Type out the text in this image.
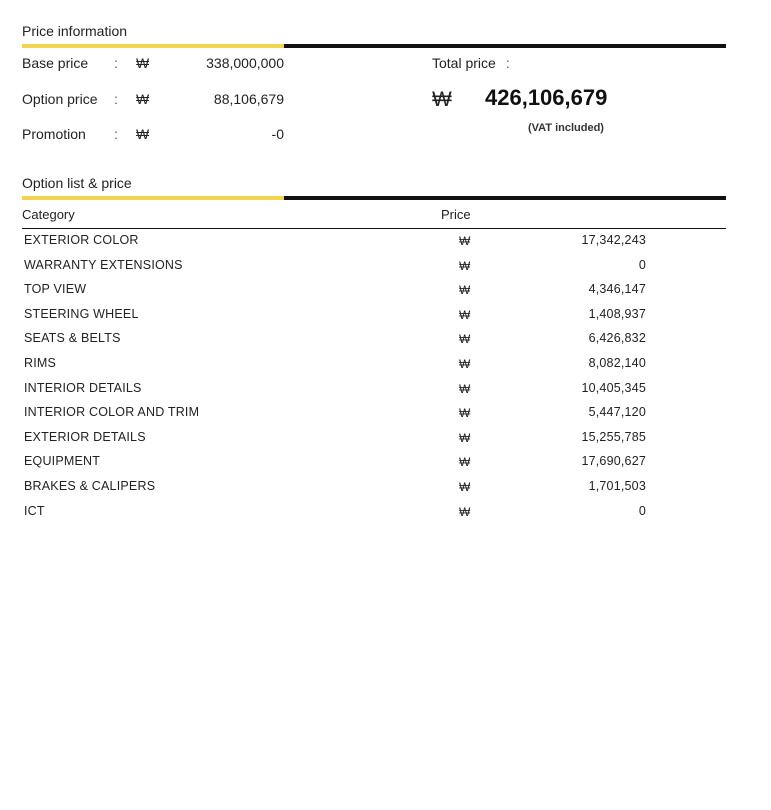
Price information
Base price : ₩	338,000,000
Option price : ₩	88,106,679
Promotion : ₩	-0
Total price :
₩ 426,106,679
(VAT included)
Option list & price
Category	Price
EXTERIOR COLOR	₩	17,342,243
WARRANTY EXTENSIONS	₩	0
TOP VIEW	₩	4,346,147
STEERING WHEEL	₩	1,408,937
SEATS & BELTS	₩	6,426,832
RIMS	₩	8,082,140
INTERIOR DETAILS	₩	10,405,345
INTERIOR COLOR AND TRIM	₩	5,447,120
EXTERIOR DETAILS	₩	15,255,785
EQUIPMENT	₩	17,690,627
BRAKES & CALIPERS	₩	1,701,503
ICT	₩	0
